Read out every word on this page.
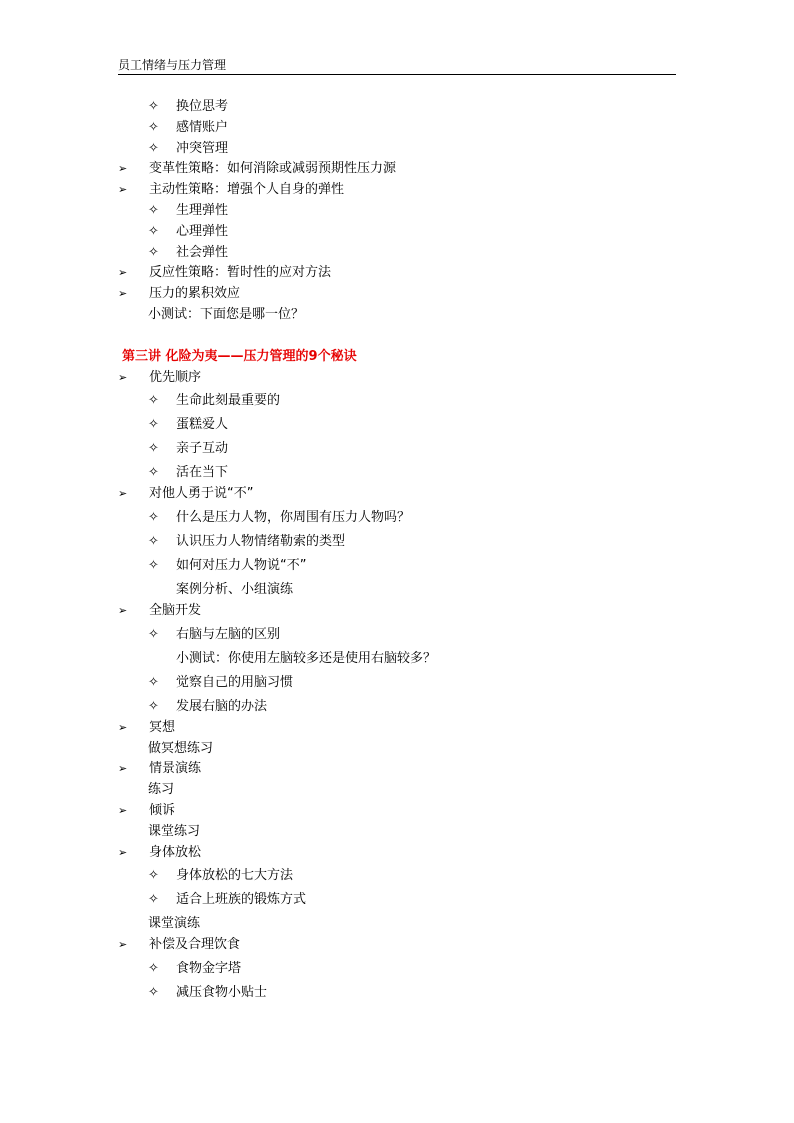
员工情绪与压力管理
✧ 换位思考
✧ 感情账户
✧ 冲突管理
➢ 变革性策略：如何消除或减弱预期性压力源
➢ 主动性策略：增强个人自身的弹性
✧ 生理弹性
✧ 心理弹性
✧ 社会弹性
➢ 反应性策略：暂时性的应对方法
➢ 压力的累积效应
小测试：下面您是哪一位？
第三讲 化险为夷——压力管理的9个秘诀
➢ 优先顺序
✧ 生命此刻最重要的
✧ 蛋糕爱人
✧ 亲子互动
✧ 活在当下
➢ 对他人勇于说“不”
✧ 什么是压力人物，你周围有压力人物吗？
✧ 认识压力人物情绪勒索的类型
✧ 如何对压力人物说“不”
案例分析、小组演练
➢ 全脑开发
✧ 右脑与左脑的区别
小测试：你使用左脑较多还是使用右脑较多？
✧ 觉察自己的用脑习惯
✧ 发展右脑的办法
➢ 冥想
做冥想练习
➢ 情景演练
练习
➢ 倾诉
课堂练习
➢ 身体放松
✧ 身体放松的七大方法
✧ 适合上班族的锻炼方式
课堂演练
➢ 补偿及合理饮食
✧ 食物金字塔
✧ 减压食物小贴士
